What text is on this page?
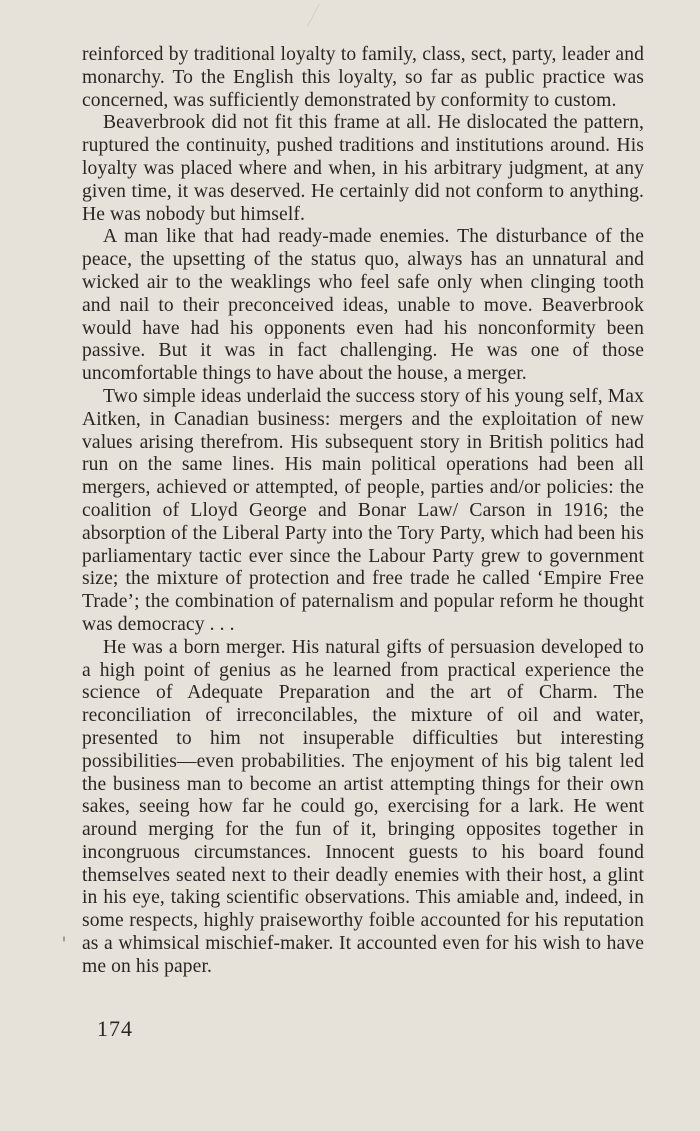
reinforced by traditional loyalty to family, class, sect, party, leader and monarchy. To the English this loyalty, so far as public practice was concerned, was sufficiently demonstrated by conformity to custom.

Beaverbrook did not fit this frame at all. He dislocated the pattern, ruptured the continuity, pushed traditions and institutions around. His loyalty was placed where and when, in his arbitrary judgment, at any given time, it was deserved. He certainly did not conform to anything. He was nobody but himself.

A man like that had ready-made enemies. The disturbance of the peace, the upsetting of the status quo, always has an unnatural and wicked air to the weaklings who feel safe only when clinging tooth and nail to their preconceived ideas, unable to move. Beaverbrook would have had his opponents even had his nonconformity been passive. But it was in fact challenging. He was one of those uncomfortable things to have about the house, a merger.

Two simple ideas underlaid the success story of his young self, Max Aitken, in Canadian business: mergers and the exploitation of new values arising therefrom. His subsequent story in British politics had run on the same lines. His main political operations had been all mergers, achieved or attempted, of people, parties and/or policies: the coalition of Lloyd George and Bonar Law/ Carson in 1916; the absorption of the Liberal Party into the Tory Party, which had been his parliamentary tactic ever since the Labour Party grew to government size; the mixture of protection and free trade he called ‘Empire Free Trade’; the combination of paternalism and popular reform he thought was democracy . . .

He was a born merger. His natural gifts of persuasion developed to a high point of genius as he learned from practical experience the science of Adequate Preparation and the art of Charm. The reconciliation of irreconcilables, the mixture of oil and water, presented to him not insuperable difficulties but interesting possibilities—even probabilities. The enjoyment of his big talent led the business man to become an artist attempting things for their own sakes, seeing how far he could go, exercising for a lark. He went around merging for the fun of it, bringing opposites together in incongruous circumstances. Innocent guests to his board found themselves seated next to their deadly enemies with their host, a glint in his eye, taking scientific observations. This amiable and, indeed, in some respects, highly praiseworthy foible accounted for his reputation as a whimsical mischief-maker. It accounted even for his wish to have me on his paper.

174
